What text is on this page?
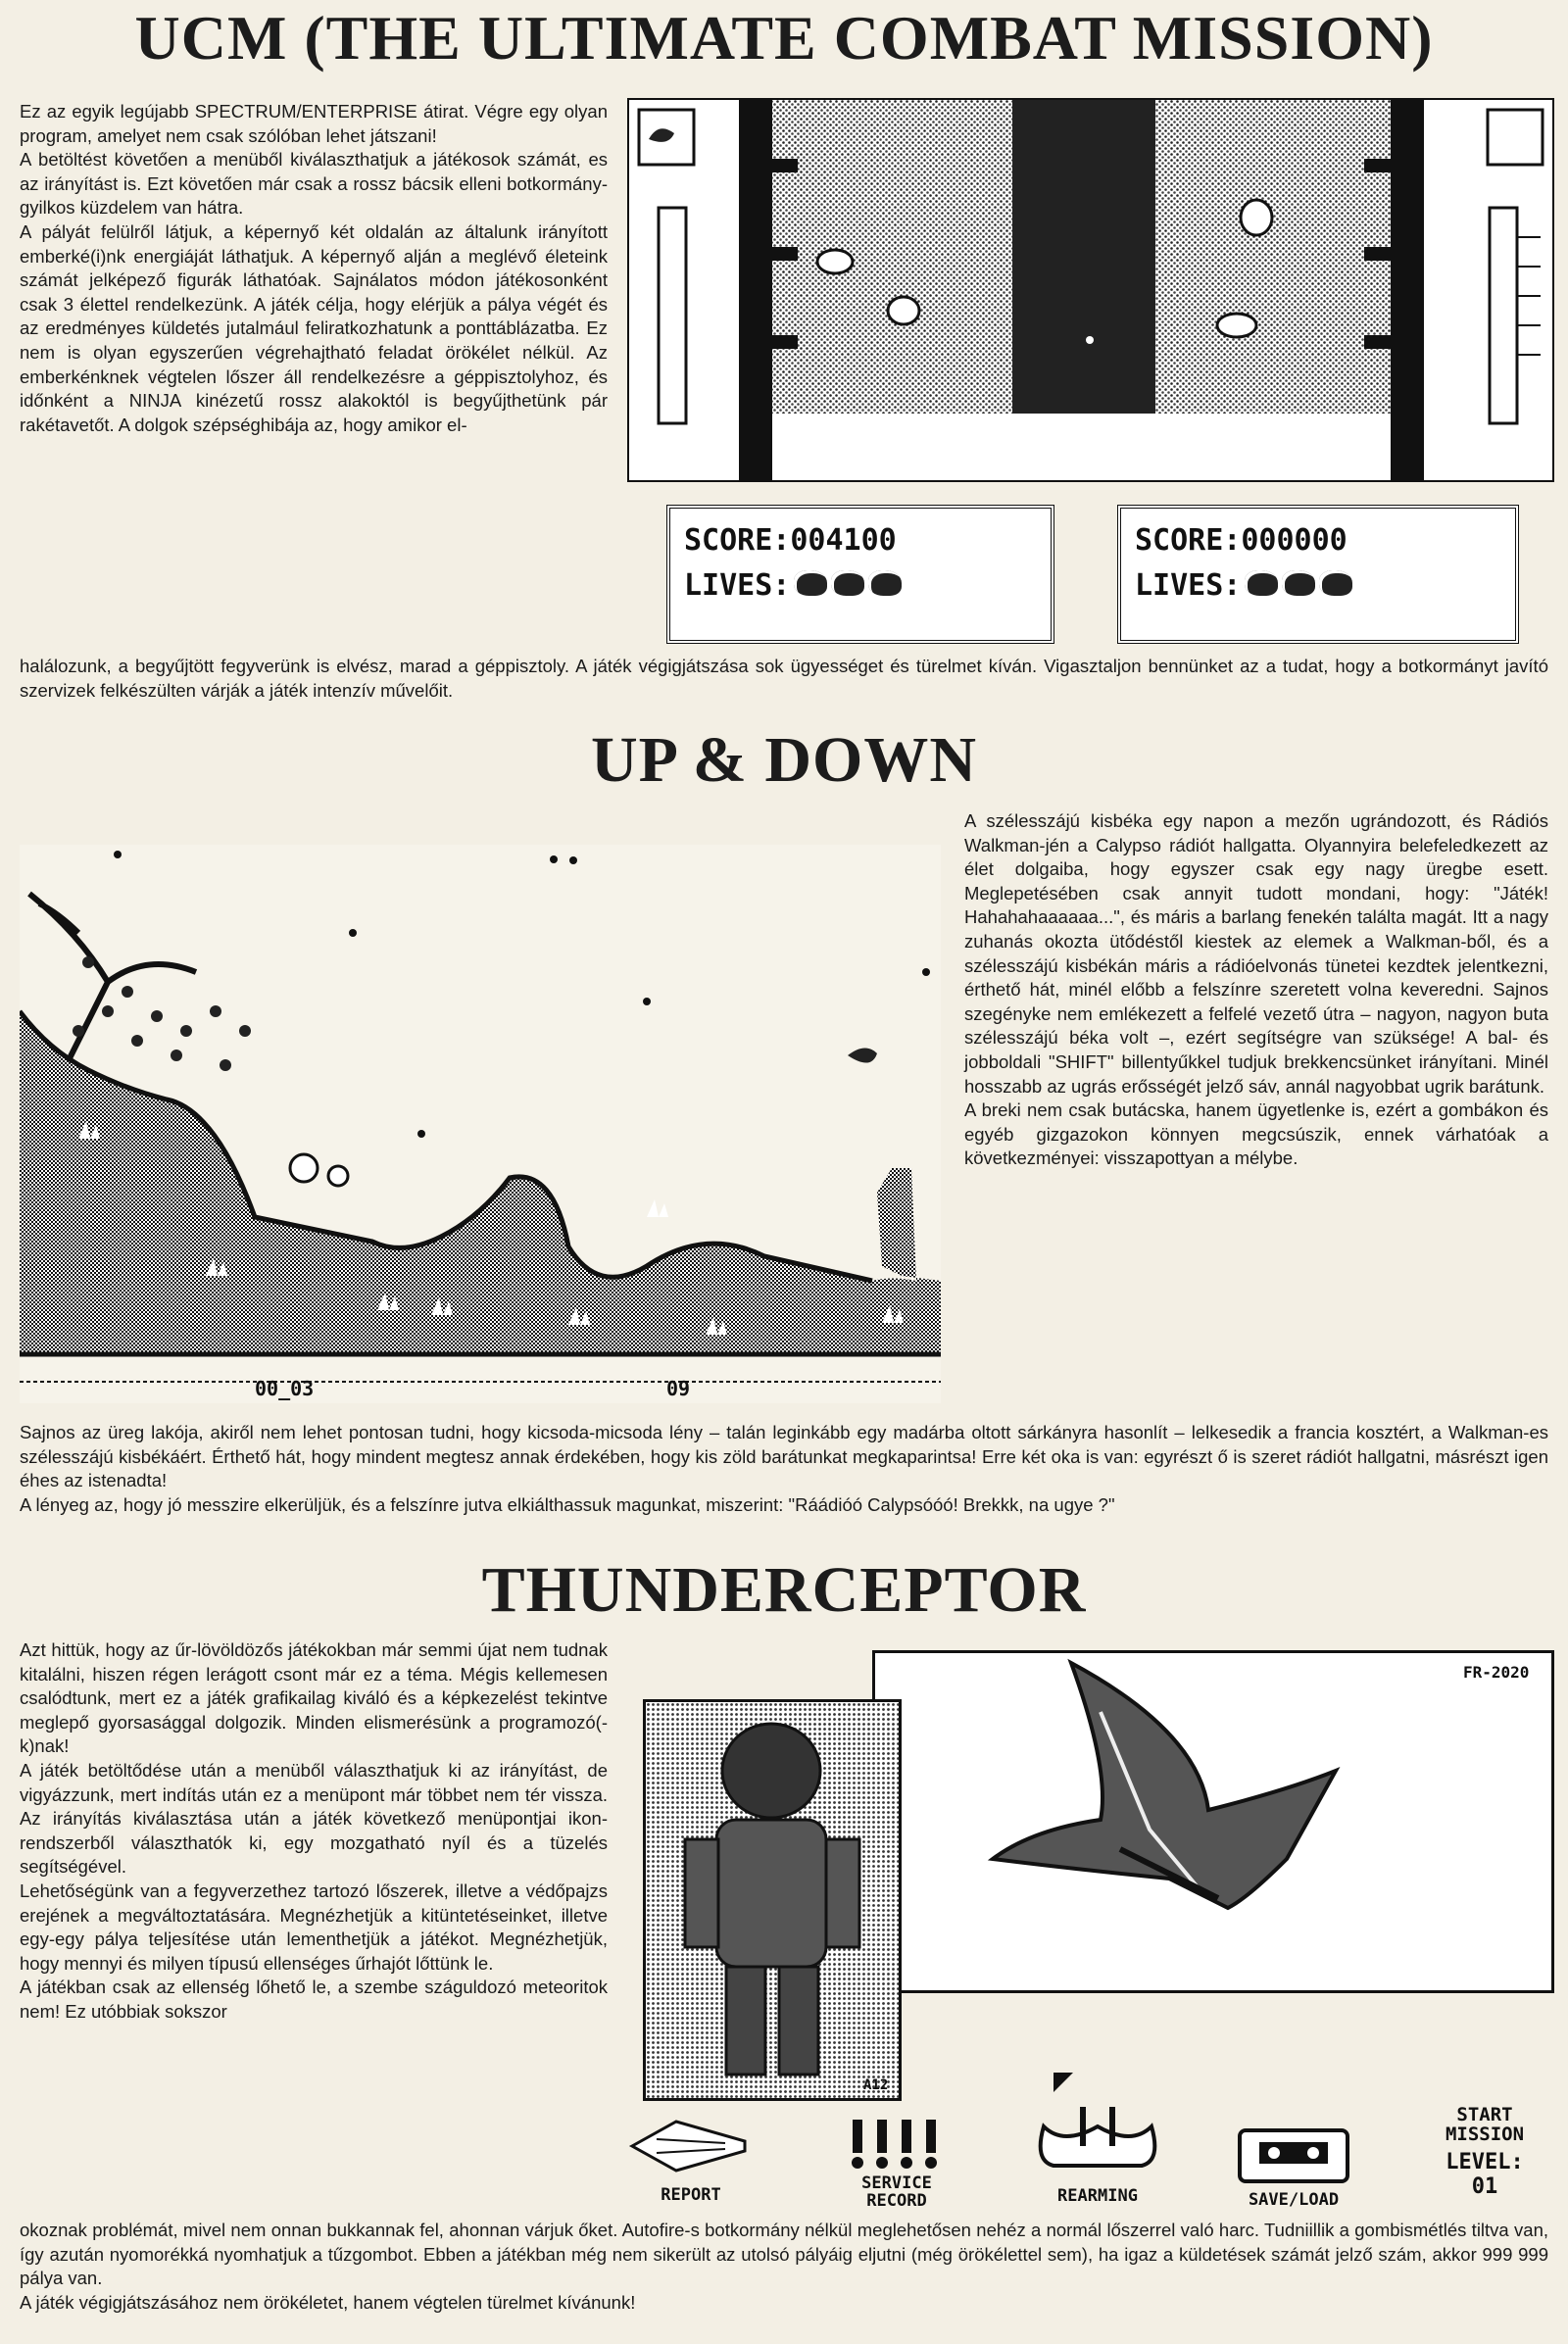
UCM (THE ULTIMATE COMBAT MISSION)

Ez az egyik legújabb SPECTRUM/ENTERPRISE átirat. Végre egy olyan program, amelyet nem csak szólóban lehet játszani!

A betöltést követően a menüből kiválaszthatjuk a játékosok számát, es az irányítást is. Ezt követően már csak a rossz bácsik elleni botkormány-gyilkos küzdelem van hátra.

A pályát felülről látjuk, a képernyő két oldalán az általunk irányított emberké(i)nk energiáját láthatjuk. A képernyő alján a meglévő életeink számát jelképező figurák láthatóak. Sajnálatos módon játékosonként csak 3 élettel rendelkezünk. A játék célja, hogy elérjük a pálya végét és az eredményes küldetés jutalmául feliratkozhatunk a ponttáblázatba. Ez nem is olyan egyszerűen végrehajtható feladat örökélet nélkül. Az emberkénknek végtelen lőszer áll rendelkezésre a géppisztolyhoz, és időnként a NINJA kinézetű rossz alakoktól is begyűjthetünk pár rakétavetőt. A dolgok szépséghibája az, hogy amikor el-

SCORE:004100
LIVES:
SCORE:000000
LIVES:

halálozunk, a begyűjtött fegyverünk is elvész, marad a géppisztoly. A játék végigjátszása sok ügyességet és türelmet kíván. Vigasztaljon bennünket az a tudat, hogy a botkormányt javító szervizek felkészülten várják a játék intenzív művelőit.

UP & DOWN

A szélesszájú kisbéka egy napon a mezőn ugrándozott, és Rádiós Walkman-jén a Calypso rádiót hallgatta. Olyannyira belefeledkezett az élet dolgaiba, hogy egyszer csak egy nagy üregbe esett. Meglepetésében csak annyit tudott mondani, hogy: "Játék! Hahahahaaaaaa...", és máris a barlang fenekén találta magát. Itt a nagy zuhanás okozta ütődéstől kiestek az elemek a Walkman-ből, és a szélesszájú kisbékán máris a rádióelvonás tünetei kezdtek jelentkezni, érthető hát, minél előbb a felszínre szeretett volna keveredni. Sajnos szegényke nem emlékezett a felfelé vezető útra – nagyon, nagyon buta szélesszájú béka volt –, ezért segítségre van szüksége! A bal- és jobboldali "SHIFT" billentyűkkel tudjuk brekkencsünket irányítani. Minél hosszabb az ugrás erősségét jelző sáv, annál nagyobbat ugrik barátunk.

A breki nem csak butácska, hanem ügyetlenke is, ezért a gombákon és egyéb gizgazokon könnyen megcsúszik, ennek várhatóak a következményei: visszapottyan a mélybe.

00_03	09

Sajnos az üreg lakója, akiről nem lehet pontosan tudni, hogy kicsoda-micsoda lény – talán leginkább egy madárba oltott sárkányra hasonlít – lelkesedik a francia kosztért, a Walkman-es szélesszájú kisbékáért. Érthető hát, hogy mindent megtesz annak érdekében, hogy kis zöld barátunkat megkaparintsa! Erre két oka is van: egyrészt ő is szeret rádiót hallgatni, másrészt igen éhes az istenadta!

A lényeg az, hogy jó messzire elkerüljük, és a felszínre jutva elkiálthassuk magunkat, miszerint: "Ráádióó Calypsóóó! Brekkk, na ugye ?"

THUNDERCEPTOR

Azt hittük, hogy az űr-lövöldözős játékokban már semmi újat nem tudnak kitalálni, hiszen régen lerágott csont már ez a téma. Mégis kellemesen csalódtunk, mert ez a játék grafikailag kiváló és a képkezelést tekintve meglepő gyorsasággal dolgozik. Minden elismerésünk a programozó(-k)nak!

A játék betöltődése után a menüből választhatjuk ki az irányítást, de vigyázzunk, mert indítás után ez a menüpont már többet nem tér vissza. Az irányítás kiválasztása után a játék következő menüpontjai ikon-rendszerből választhatók ki, egy mozgatható nyíl és a tüzelés segítségével.

Lehetőségünk van a fegyverzethez tartozó lőszerek, illetve a védőpajzs erejének a megváltoztatására. Megnézhetjük a kitüntetéseinket, illetve egy-egy pálya teljesítése után lementhetjük a játékot. Megnézhetjük, hogy mennyi és milyen típusú ellenséges űrhajót lőttünk le.

A játékban csak az ellenség lőhető le, a szembe száguldozó meteoritok nem! Ez utóbbiak sokszor

FR-2020
A12
REPORT
SERVICE RECORD	REARMING	SAVE/LOAD
START MISSION
LEVEL:
01

okoznak problémát, mivel nem onnan bukkannak fel, ahonnan várjuk őket. Autofire-s botkormány nélkül meglehetősen nehéz a normál lőszerrel való harc. Tudniillik a gombismétlés tiltva van, így azután nyomorékká nyomhatjuk a tűzgombot. Ebben a játékban még nem sikerült az utolsó pályáig eljutni (még örökélettel sem), ha igaz a küldetések számát jelző szám, akkor 999 999 pálya van.

A játék végigjátszásához nem örökéletet, hanem végtelen türelmet kívánunk!
